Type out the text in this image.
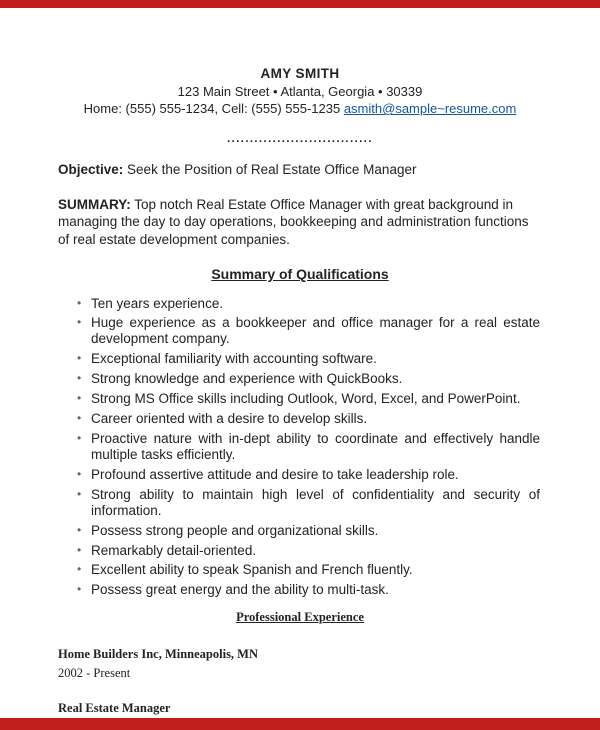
AMY SMITH
123 Main Street • Atlanta, Georgia • 30339
Home: (555) 555-1234, Cell: (555) 555-1235 asmith@sample~resume.com
................................

Objective: Seek the Position of Real Estate Office Manager

SUMMARY: Top notch Real Estate Office Manager with great background in managing the day to day operations, bookkeeping and administration functions of real estate development companies.

Summary of Qualifications
• Ten years experience.
• Huge experience as a bookkeeper and office manager for a real estate development company.
• Exceptional familiarity with accounting software.
• Strong knowledge and experience with QuickBooks.
• Strong MS Office skills including Outlook, Word, Excel, and PowerPoint.
• Career oriented with a desire to develop skills.
• Proactive nature with in-dept ability to coordinate and effectively handle multiple tasks efficiently.
• Profound assertive attitude and desire to take leadership role.
• Strong ability to maintain high level of confidentiality and security of information.
• Possess strong people and organizational skills.
• Remarkably detail-oriented.
• Excellent ability to speak Spanish and French fluently.
• Possess great energy and the ability to multi-task.
Professional Experience
Home Builders Inc, Minneapolis, MN
2002 - Present
Real Estate Manager
